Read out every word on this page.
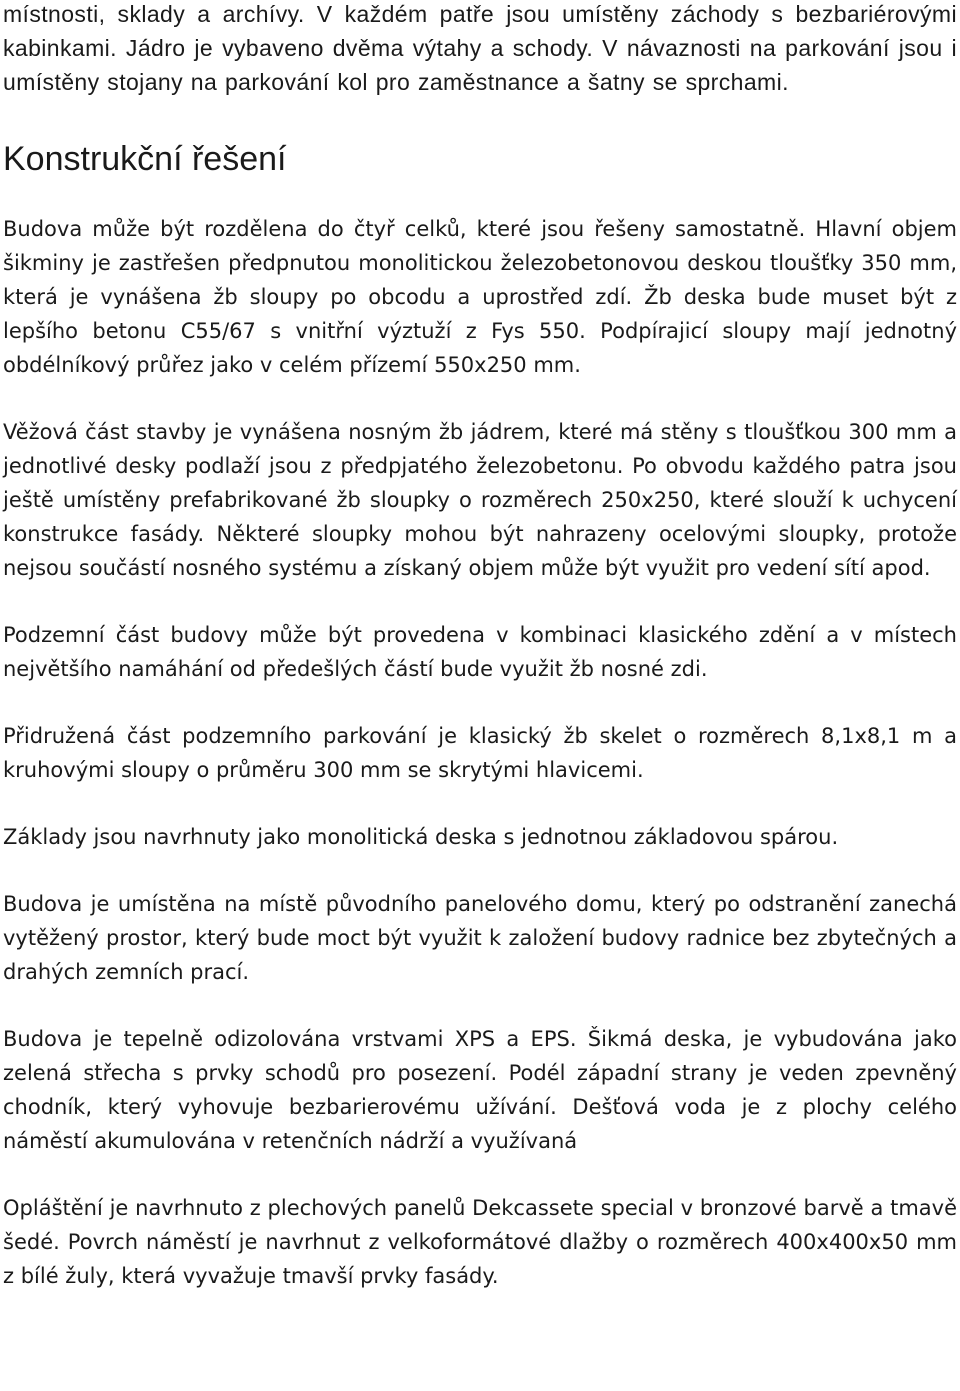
místnosti, sklady a archívy. V každém patře jsou umístěny záchody s bezbariérovými kabinkami. Jádro je vybaveno dvěma výtahy a schody. V návaznosti na parkování jsou i umístěny stojany na parkování kol pro zaměstnance a šatny se sprchami.

Konstrukční řešení

Budova může být rozdělena do čtyř celků, které jsou řešeny samostatně. Hlavní objem šikminy je zastřešen předpnutou monolitickou železobetonovou deskou tloušťky 350 mm, která je vynášena žb sloupy po obcodu a uprostřed zdí. Žb deska bude muset být z lepšího betonu C55/67 s vnitřní výztuží z Fys 550. Podpírajicí sloupy mají jednotný obdélníkový průřez jako v celém přízemí 550x250 mm.

Věžová část stavby je vynášena nosným žb jádrem, které má stěny s tloušťkou 300 mm a jednotlivé desky podlaží jsou z předpjatého železobetonu. Po obvodu každého patra jsou ještě umístěny prefabrikované žb sloupky o rozměrech 250x250, které slouží k uchycení konstrukce fasády. Některé sloupky mohou být nahrazeny ocelovými sloupky, protože nejsou součástí nosného systému a získaný objem může být využit pro vedení sítí apod.

Podzemní část budovy může být provedena v kombinaci klasického zdění a v místech největšího namáhání od předešlých částí bude využit žb nosné zdi.

Přidružená část podzemního parkování je klasický žb skelet o rozměrech 8,1x8,1 m a kruhovými sloupy o průměru 300 mm se skrytými hlavicemi.

Základy jsou navrhnuty jako monolitická deska s jednotnou základovou spárou.

Budova je umístěna na místě původního panelového domu, který po odstranění zanechá vytěžený prostor, který bude moct být využit k založení budovy radnice bez zbytečných a drahých zemních prací.

Budova je tepelně odizolována vrstvami XPS a EPS. Šikmá deska, je vybudována jako zelená střecha s prvky schodů pro posezení. Podél západní strany je veden zpevněný chodník, který vyhovuje bezbarierovému užívání. Dešťová voda je z plochy celého náměstí akumulována v retenčních nádrží a využívaná

Opláštění je navrhnuto z plechových panelů Dekcassete special v bronzové barvě a tmavě šedé. Povrch náměstí je navrhnut z velkoformátové dlažby o rozměrech 400x400x50 mm z bílé žuly, která vyvažuje tmavší prvky fasády.
